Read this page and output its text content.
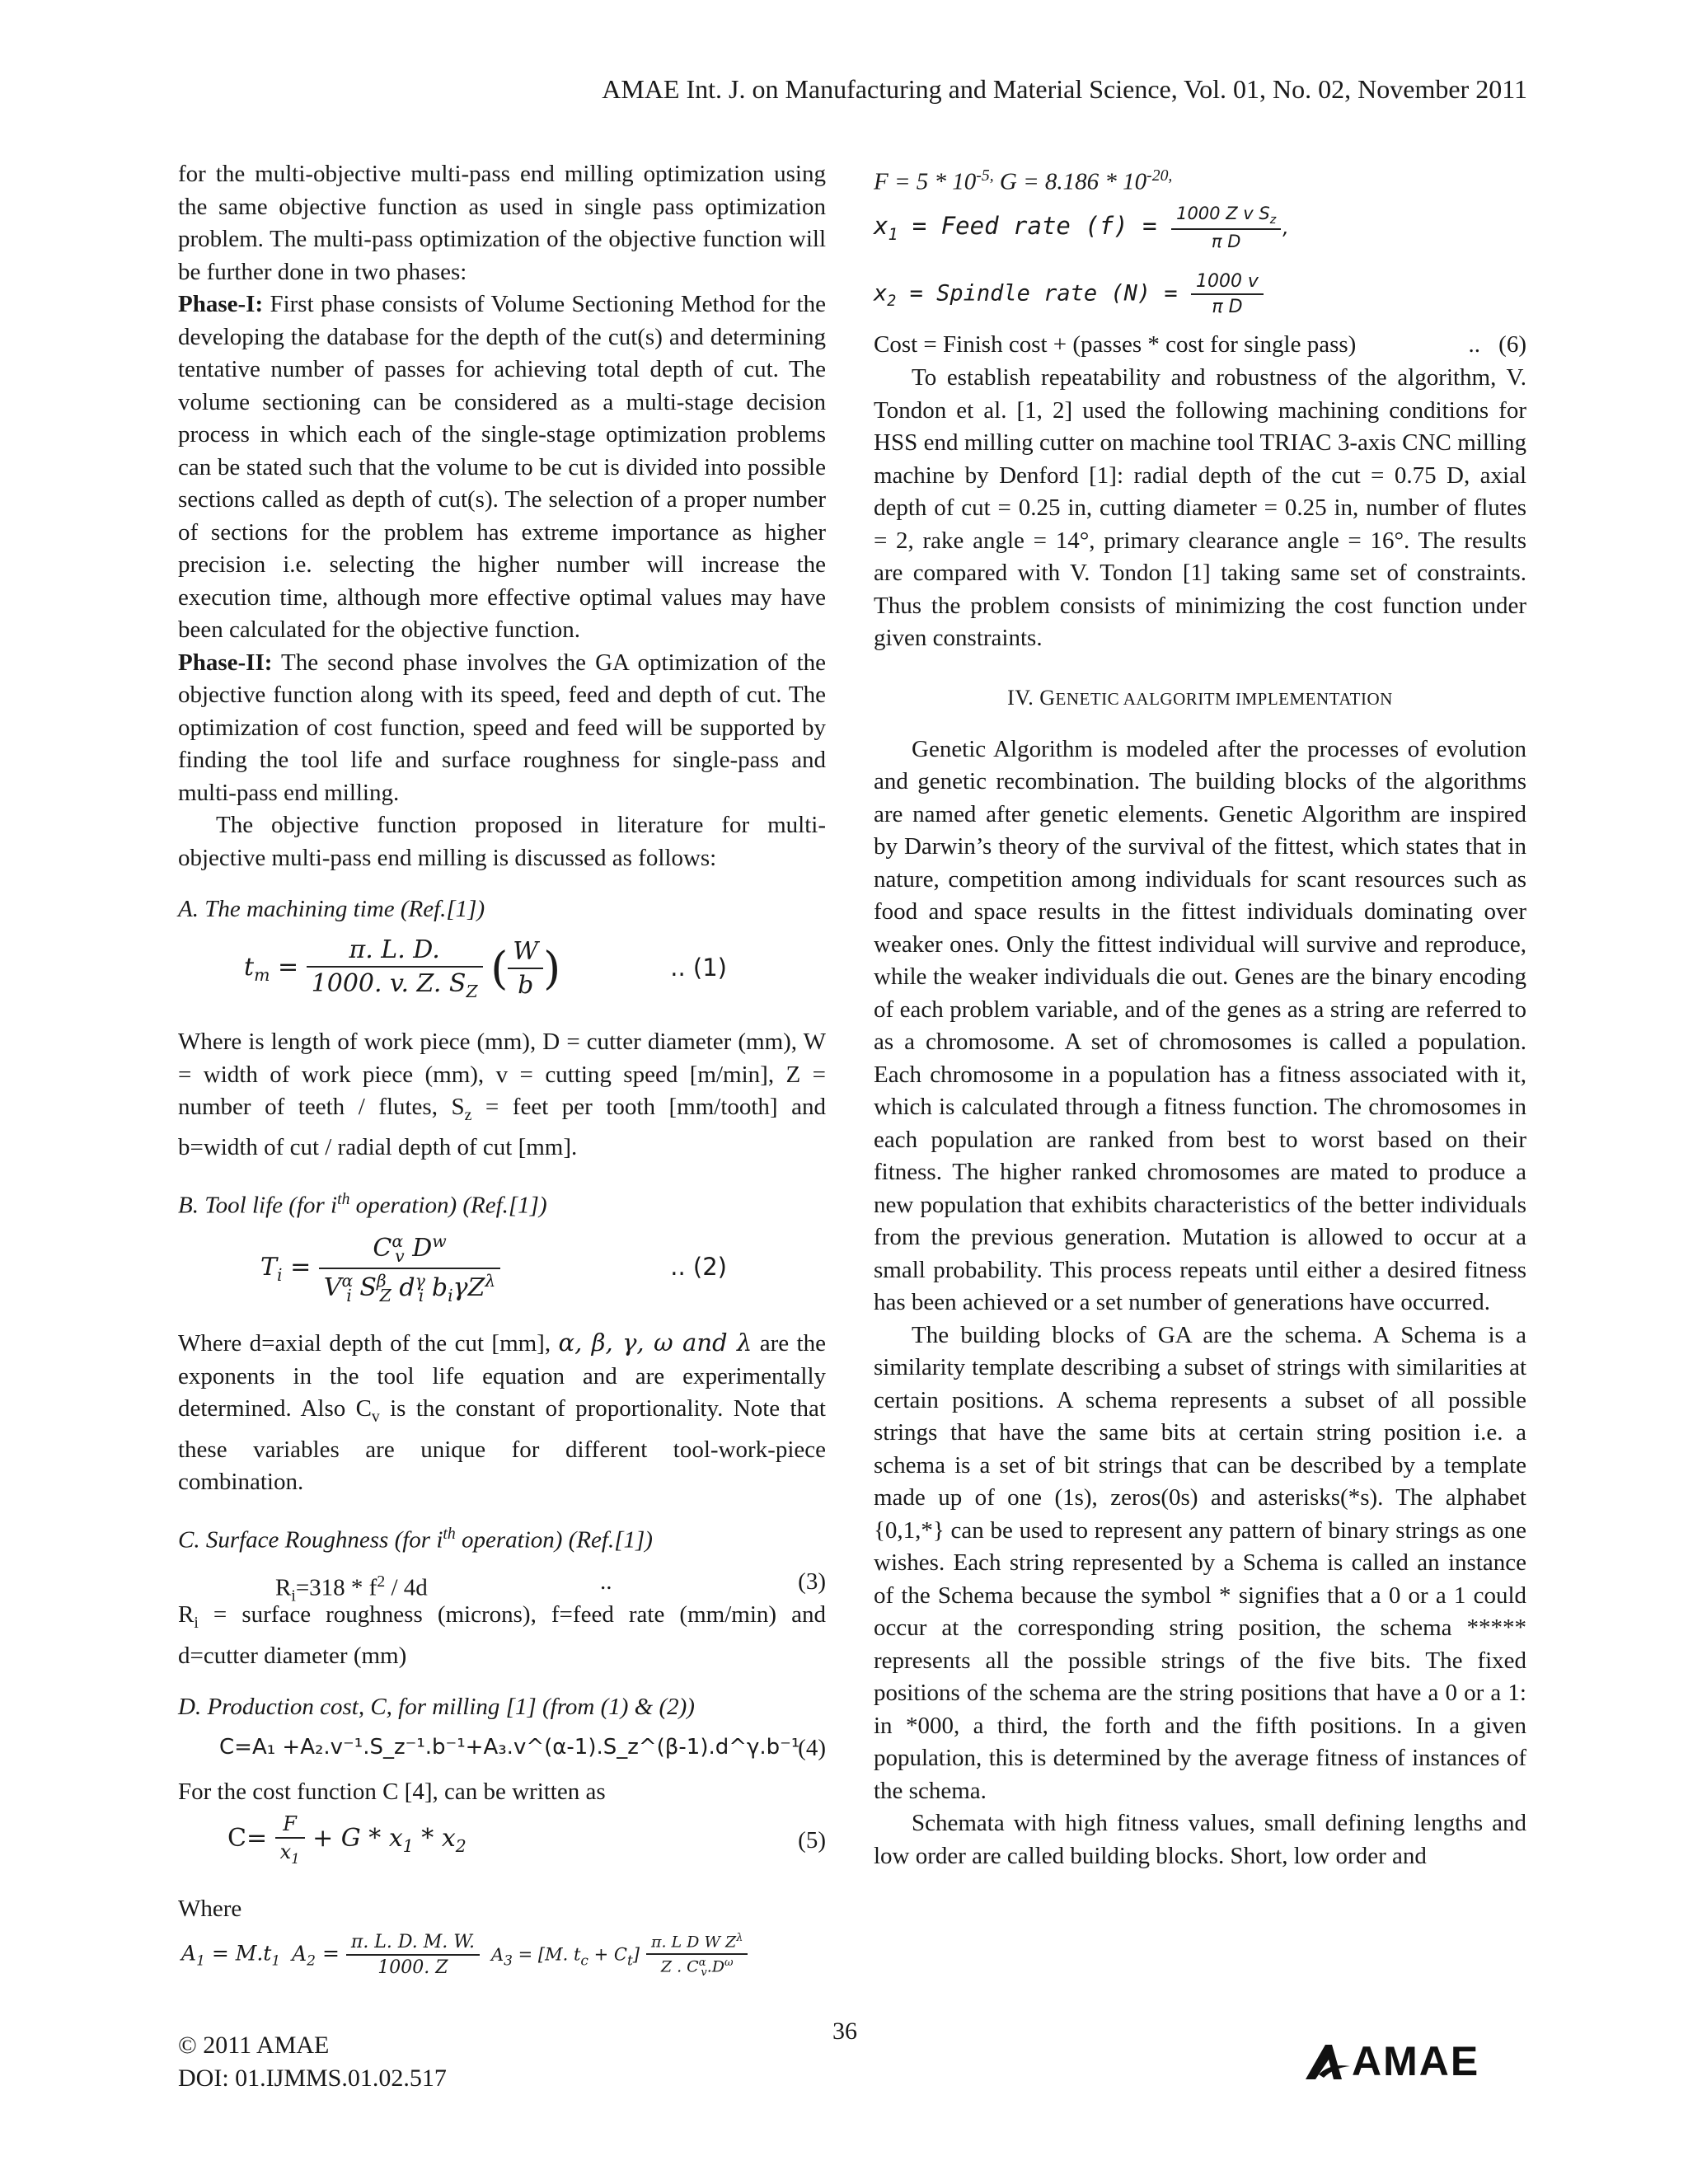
AMAE Int. J. on Manufacturing and Material Science, Vol. 01, No. 02, November 2011

for the multi-objective multi-pass end milling optimization using the same objective function as used in single pass optimization problem. The multi-pass optimization of the objective function will be further done in two phases:

Phase-I: First phase consists of Volume Sectioning Method for the developing the database for the depth of the cut(s) and determining tentative number of passes for achieving total depth of cut. The volume sectioning can be considered as a multi-stage decision process in which each of the single-stage optimization problems can be stated such that the volume to be cut is divided into possible sections called as depth of cut(s). The selection of a proper number of sections for the problem has extreme importance as higher precision i.e. selecting the higher number will increase the execution time, although more effective optimal values may have been calculated for the objective function.

Phase-II: The second phase involves the GA optimization of the objective function along with its speed, feed and depth of cut. The optimization of cost function, speed and feed will be supported by finding the tool life and surface roughness for single-pass and multi-pass end milling.

The objective function proposed in literature for multi-objective multi-pass end milling is discussed as follows:

A. The machining time (Ref.[1])
$t_m = \frac{\pi. L. D.}{1000. v. Z. S_Z}$ ( $\frac{W}{b}$ )	.. (1)

Where is length of work piece (mm), D = cutter diameter (mm), W = width of work piece (mm), v = cutting speed [m/min], Z = number of teeth / flutes, $S_z$ = feet per tooth [mm/tooth] and b=width of cut / radial depth of cut [mm].

B. Tool life (for $i^{th}$ operation) (Ref.[1])
$T_i = \frac{C^\alpha_v D^w}{V^\alpha_i S^\beta_Z d^\gamma_i b_i\gamma Z^\lambda}$	.. (2)

Where d=axial depth of the cut [mm], α, β, γ, ω and λ are the exponents in the tool life equation and are experimentally determined. Also $C_v$ is the constant of proportionality. Note that these variables are unique for different tool-work-piece combination.

C. Surface Roughness (for $i^{th}$ operation) (Ref.[1])
$R_i=318 * f^2 / 4d$	..	(3)

$R_i$ = surface roughness (microns), f=feed rate (mm/min) and d=cutter diameter (mm)

D. Production cost, C, for milling [1] (from (1) & (2))
C=A₁ +A₂.v⁻¹.S_z⁻¹.b⁻¹+A₃.v^(α-1).S_z^(β-1).d^γ.b⁻¹
(4)

For the cost function C [4], can be written as

$C= \frac{F}{x_1} + G * x_1 * x_2$	(5)

Where

$A_1 = M.t_1$ $A_2 = \frac{\pi. L. D. M. W.}{1000. Z} A_3 = [M$. $t_c + C_t] \frac{\pi. L D W Z^\lambda}{Z . C^\alpha_v.D^\omega}$

$F = 5 * 10^{-5,}$ $G = 8.186 * 10^{-20,}$

$x_1$ = Feed rate $(f) = \frac{1000 Z v S_z}{\text{π D}}$ ,
$x_2$ = Spindle rate $(N) = \frac{1000 v}{\text{π D}}$
Cost = Finish cost + (passes * cost for single pass)	.. (6)

To establish repeatability and robustness of the algorithm, V. Tondon et al. [1, 2] used the following machining conditions for HSS end milling cutter on machine tool TRIAC 3-axis CNC milling machine by Denford [1]: radial depth of the cut = 0.75 D, axial depth of cut = 0.25 in, cutting diameter = 0.25 in, number of flutes = 2, rake angle = 14°, primary clearance angle = 16°. The results are compared with V. Tondon [1] taking same set of constraints. Thus the problem consists of minimizing the cost function under given constraints.

IV. GENETIC AALGORITM IMPLEMENTATION

Genetic Algorithm is modeled after the processes of evolution and genetic recombination. The building blocks of the algorithms are named after genetic elements. Genetic Algorithm are inspired by Darwin’s theory of the survival of the fittest, which states that in nature, competition among individuals for scant resources such as food and space results in the fittest individuals dominating over weaker ones. Only the fittest individual will survive and reproduce, while the weaker individuals die out. Genes are the binary encoding of each problem variable, and of the genes as a string are referred to as a chromosome. A set of chromosomes is called a population. Each chromosome in a population has a fitness associated with it, which is calculated through a fitness function. The chromosomes in each population are ranked from best to worst based on their fitness. The higher ranked chromosomes are mated to produce a new population that exhibits characteristics of the better individuals from the previous generation. Mutation is allowed to occur at a small probability. This process repeats until either a desired fitness has been achieved or a set number of generations have occurred.

The building blocks of GA are the schema. A Schema is a similarity template describing a subset of strings with similarities at certain positions. A schema represents a subset of all possible strings that have the same bits at certain string position i.e. a schema is a set of bit strings that can be described by a template made up of one (1s), zeros(0s) and asterisks(*s). The alphabet {0,1,*} can be used to represent any pattern of binary strings as one wishes. Each string represented by a Schema is called an instance of the Schema because the symbol * signifies that a 0 or a 1 could occur at the corresponding string position, the schema ***** represents all the possible strings of the five bits. The fixed positions of the schema are the string positions that have a 0 or a 1: in *000, a third, the forth and the fifth positions. In a given population, this is determined by the average fitness of instances of the schema.

Schemata with high fitness values, small defining lengths and low order are called building blocks. Short, low order and

© 2011 AMAE
DOI: 01.IJMMS.01.02.517
36
AMAE
